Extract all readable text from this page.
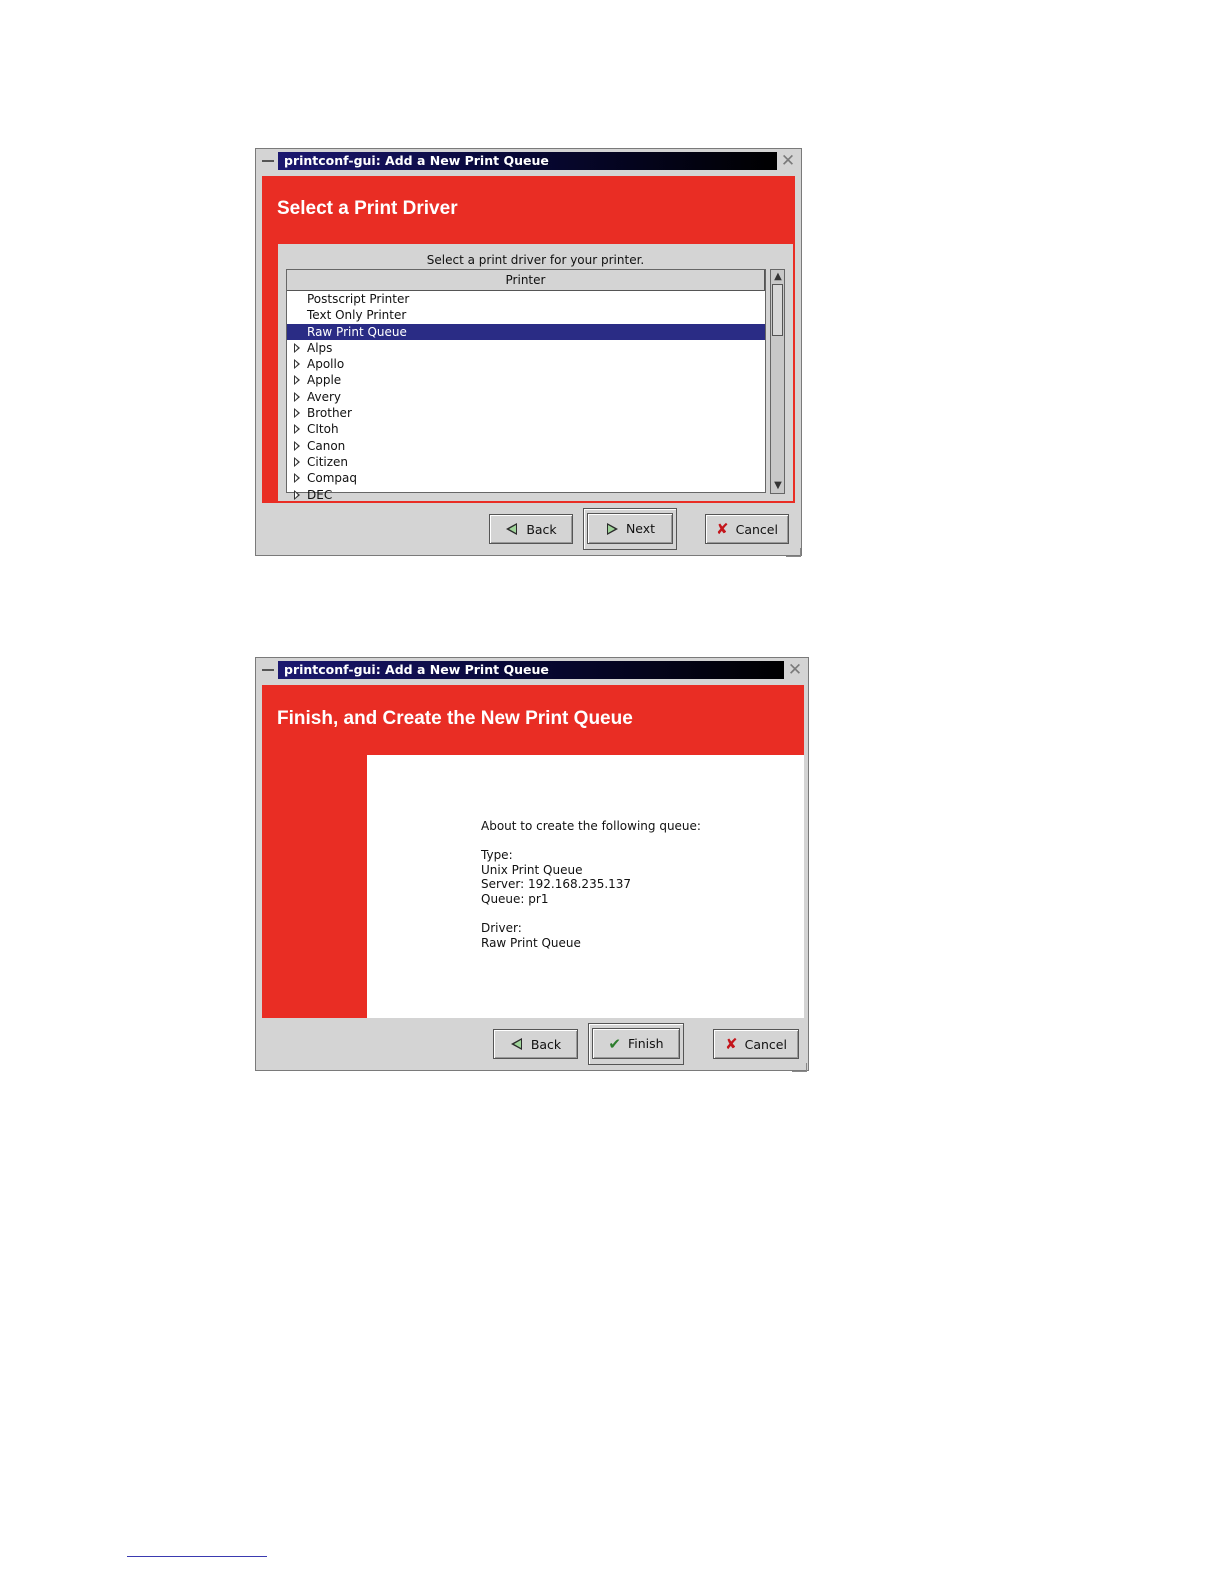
printconf-gui: Add a New Print Queue	✕
Select a Print Driver
Select a print driver for your printer.
Printer
Postscript Printer
Text Only Printer
Raw Print Queue
Alps
Apollo
Apple
Avery
Brother
CItoh
Canon
Citizen
Compaq
DEC
▲
▼
Back	Next	✘ Cancel
printconf-gui: Add a New Print Queue	✕
Finish, and Create the New Print Queue
About to create the following queue:
Type:
Unix Print Queue
Server: 192.168.235.137
Queue: pr1
Driver:
Raw Print Queue
Back	✔ Finish	✘ Cancel
